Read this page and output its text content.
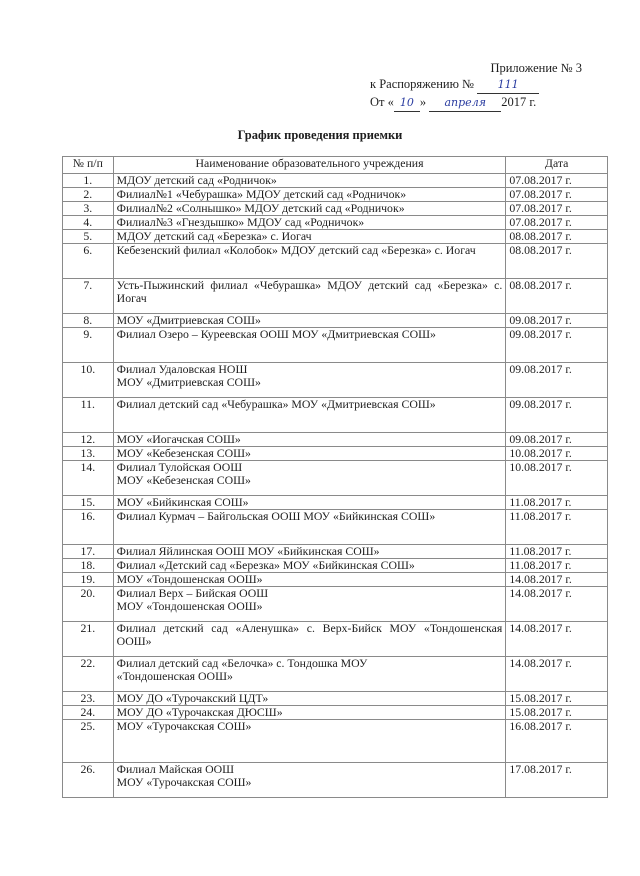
Приложение № 3
к Распоряжению № 111
От « 10 » апреля 2017 г.
График проведения приемки
№ п/п	Наименование образовательного учреждения	Дата
1.	МДОУ детский сад «Родничок»	07.08.2017 г.
2.	Филиал№1 «Чебурашка» МДОУ детский сад «Родничок»	07.08.2017 г.
3.	Филиал№2 «Солнышко» МДОУ детский сад «Родничок»	07.08.2017 г.
4.	Филиал№3 «Гнездышко» МДОУ сад «Родничок»	07.08.2017 г.
5.	МДОУ детский сад «Березка» с. Иогач	08.08.2017 г.
6.	Кебезенский филиал «Колобок» МДОУ детский сад «Березка» с. Иогач	08.08.2017 г.
7.	Усть-Пыжинский филиал «Чебурашка» МДОУ детский сад «Березка» с. Иогач	08.08.2017 г.
8.	МОУ «Дмитриевская СОШ»	09.08.2017 г.
9.	Филиал Озеро – Куреевская ООШ МОУ «Дмитриевская СОШ»	09.08.2017 г.
10.	Филиал Удаловская НОШ
МОУ «Дмитриевская СОШ»	09.08.2017 г.
11.	Филиал детский сад «Чебурашка» МОУ «Дмитриевская СОШ»	09.08.2017 г.
12.	МОУ «Иогачская СОШ»	09.08.2017 г.
13.	МОУ «Кебезенская СОШ»	10.08.2017 г.
14.	Филиал Тулойская ООШ
МОУ «Кебезенская СОШ»	10.08.2017 г.
15.	МОУ «Бийкинская СОШ»	11.08.2017 г.
16.	Филиал Курмач – Байгольская ООШ МОУ «Бийкинская СОШ»	11.08.2017 г.
17.	Филиал Яйлинская ООШ МОУ «Бийкинская СОШ»	11.08.2017 г.
18.	Филиал «Детский сад «Березка» МОУ «Бийкинская СОШ»	11.08.2017 г.
19.	МОУ «Тондошенская ООШ»	14.08.2017 г.
20.	Филиал Верх – Бийская ООШ
МОУ «Тондошенская ООШ»	14.08.2017 г.
21.	Филиал детский сад «Аленушка» с. Верх-Бийск МОУ «Тондошенская ООШ»	14.08.2017 г.
22.	Филиал детский сад «Белочка» с. Тондошка МОУ
«Тондошенская ООШ»	14.08.2017 г.
23.	МОУ ДО «Турочакский ЦДТ»	15.08.2017 г.
24.	МОУ ДО «Турочакская ДЮСШ»	15.08.2017 г.
25.	МОУ «Турочакская СОШ»	16.08.2017 г.
26.	Филиал Майская ООШ
МОУ «Турочакская СОШ»	17.08.2017 г.
